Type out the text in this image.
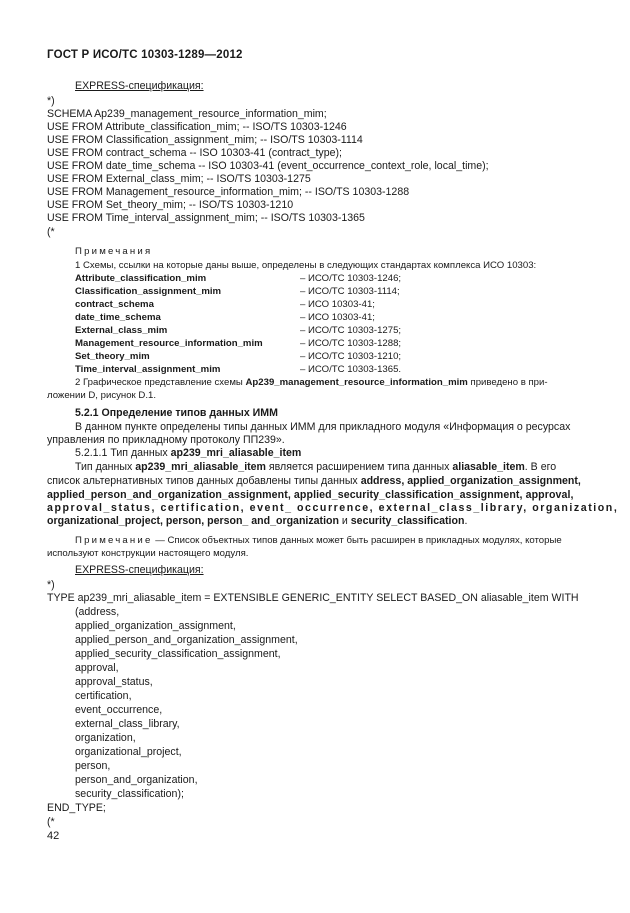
ГОСТ Р ИСО/ТС 10303-1289—2012
EXPRESS-спецификация:
*)
SCHEMA Ap239_management_resource_information_mim;
USE FROM Attribute_classification_mim; -- ISO/TS 10303-1246
USE FROM Classification_assignment_mim; -- ISO/TS 10303-1114
USE FROM contract_schema -- ISO 10303-41 (contract_type);
USE FROM date_time_schema -- ISO 10303-41 (event_occurrence_context_role, local_time);
USE FROM External_class_mim; -- ISO/TS 10303-1275
USE FROM Management_resource_information_mim; -- ISO/TS 10303-1288
USE FROM Set_theory_mim; -- ISO/TS 10303-1210
USE FROM Time_interval_assignment_mim; -- ISO/TS 10303-1365
(*
Примечания
1 Схемы, ссылки на которые даны выше, определены в следующих стандартах комплекса ИСО 10303:
Attribute_classification_mim	– ИСО/ТС 10303-1246;
Classification_assignment_mim	– ИСО/ТС 10303-1114;
contract_schema	– ИСО 10303-41;
date_time_schema	– ИСО 10303-41;
External_class_mim	– ИСО/ТС 10303-1275;
Management_resource_information_mim	– ИСО/ТС 10303-1288;
Set_theory_mim	– ИСО/ТС 10303-1210;
Time_interval_assignment_mim	– ИСО/ТС 10303-1365.
2 Графическое представление схемы Ap239_management_resource_information_mim приведено в при-
ложении D, рисунок D.1.
5.2.1 Определение типов данных ИММ
В данном пункте определены типы данных ИММ для прикладного модуля «Информация о ресурсах
управления по прикладному протоколу ПП239».
5.2.1.1 Тип данных ap239_mri_aliasable_item
Тип данных ap239_mri_aliasable_item является расширением типа данных aliasable_item. В его
список альтернативных типов данных добавлены типы данных address, applied_organization_assignment,
applied_person_and_organization_assignment, applied_security_classification_assignment, approval,
approval_status, certification, event_ occurrence, external_class_library, organization,
organizational_project, person, person_ and_organization и security_classification.
Примечание — Список объектных типов данных может быть расширен в прикладных модулях, которые
используют конструкции настоящего модуля.
EXPRESS-спецификация:
*)
TYPE ap239_mri_aliasable_item = EXTENSIBLE GENERIC_ENTITY SELECT BASED_ON aliasable_item WITH
(address,
applied_organization_assignment,
applied_person_and_organization_assignment,
applied_security_classification_assignment,
approval,
approval_status,
certification,
event_occurrence,
external_class_library,
organization,
organizational_project,
person,
person_and_organization,
security_classification);
END_TYPE;
(*
42
